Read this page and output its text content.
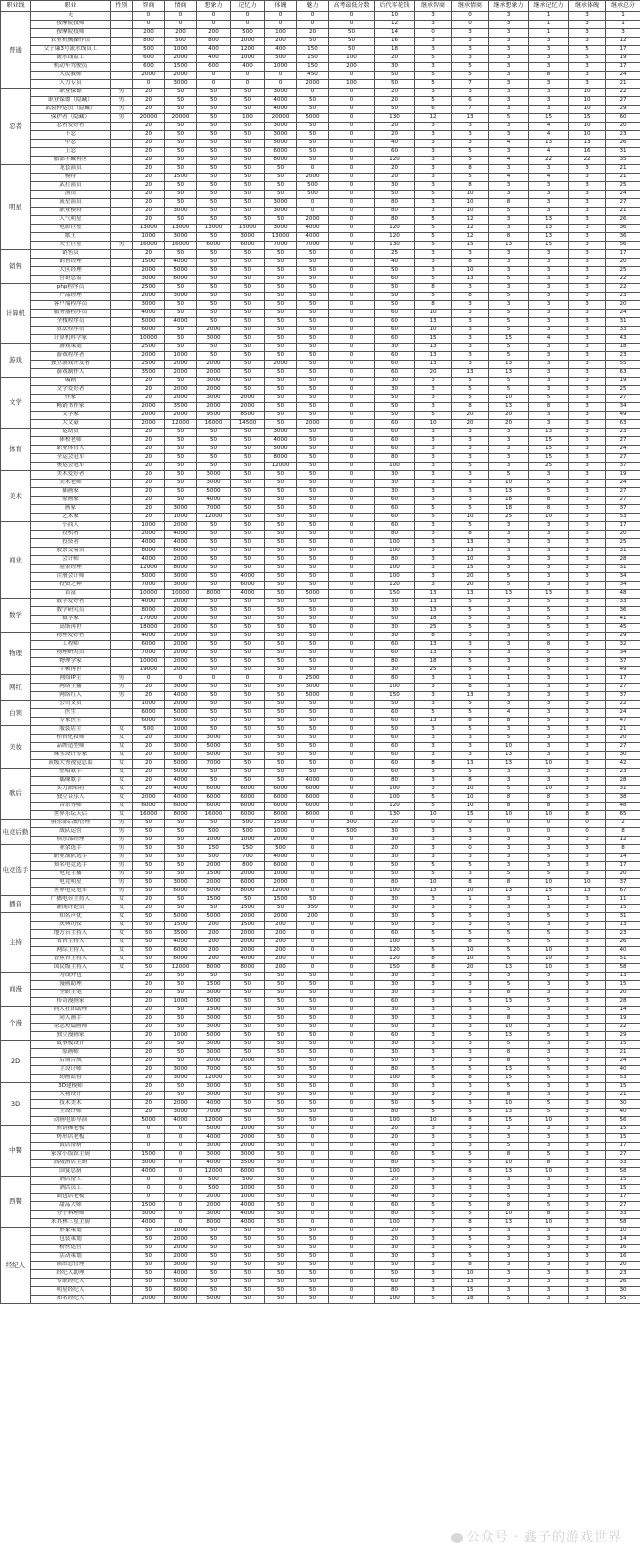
职业线	职业	性别	智商	情商	想象力	记忆力	体魄	魅力	高考最低分数	后代零花钱	继承智商	继承情商	继承想象力	继承记忆力	继承体魄	继承总分
普通	无		0	0	0	0	0	0	0	10	3	0	3	1	3	1
	按摩院技师		0	0	0	0	0	0	0	12	3	0	3	1	3	1
	按摩院技师		200	200	200	500	100	20	50	14	0	3	3	1	3	3
	农业机械操作员		800	500	800	1000	200	50	50	16	3	3	3	3	3	12
	父子廉3号流水线员工		500	1000	400	1200	400	150	50	18	3	3	3	3	5	17
	流水线监工		600	2000	400	1000	500	150	100	20	5	3	3	3	5	19
	机动车驾驶员		600	1500	600	400	1000	150	200	30	3	5	3	3	3	17
	人民教师		2000	2000	0	0	0	450	0	50	5	5	3	8	3	24
	人力专员		0	3000	0	0	0	2000	100	50	5	7	3	3	3	21
忍者	职业保镖	男	20	50	50	50	3000	0	0	20	3	3	3	3	10	22
	职业保镖（隐藏）	男	20	50	50	50	4000	50	0	20	5	6	3	3	10	27
	武装押运员（隐藏）	男	20	50	50	50	4000	50	0	50	6	7	3	3	10	29
	保护者（隐藏）	男	20000	20000	50	100	20000	5000	0	130	12	13	5	15	15	60
	忍者爱好者		20	50	50	50	3000	50	0	20	3	3	3	4	10	20
	下忍		20	50	50	50	3000	50	0	20	3	3	3	4	10	23
	中忍		20	50	50	50	5000	50	0	40	3	3	4	13	13	26
	上忍		20	50	50	50	6000	50	0	60	3	5	3	4	16	31
	服部半藏再世		20	50	50	50	8000	50	0	120	3	5	4	22	22	35
明星	龙套演员		20	50	50	50	50	0	0	20	3	8	3	3	3	21
	模特		20	1500	50	50	50	2000	0	20	3	5	4	4	3	21
	武打演员		20	50	50	50	50	500	0	30	3	8	3	3	3	25
	演员		20	50	50	50	50	500	0	50	5	10	3	3	3	24
	流星演员		20	50	50	50	3000	0	0	80	3	10	8	3	3	27
	职业模特		20	3000	50	50	3000	0	0	80	3	10	5	3	3	21
	人气明星		20	50	50	50	50	2000	0	80	5	12	3	13	3	26
	电影巨星		13000	13000	13000	13000	3000	4000	0	120	5	12	3	13	3	36
	歌王		1000	3000	50	3000	13000	4000	0	120	5	12	8	13	3	36
	天王巨星	男	16000	16000	6000	6000	7000	7000	0	130	5	15	13	15	3	56
销售	销售员		20	50	50	50	50	50	0	25	3	3	3	3	3	17
	销售经理		1500	4000	50	50	50	50	0	40	3	8	3	3	3	20
	大区经理		2000	5000	50	50	50	50	0	50	3	10	3	3	3	25
	营销总监		3000	6000	50	50	50	50	0	60	5	13	5	3	3	22
计算机	php程序员		2500	50	50	50	50	50	0	50	8	3	3	3	3	22
	产品经理		2000	3000	50	50	50	50	0	50	5	8	5	3	3	23
	客户端程序员		3000	50	50	50	50	50	0	50	8	3	3	3	3	20
	服务器程序员		4000	50	50	50	50	50	0	60	10	3	5	3	3	24
	全栈程序员		5000	4000	50	50	50	50	0	60	13	3	5	3	3	31
	算法程序员		6000	50	2000	50	50	50	0	60	10	3	5	3	3	33
	计算机科学家		10000	50	3000	50	50	50	0	60	15	3	15	4	3	43
游戏	游戏策划		2500	50	50	50	50	50	0	30	13	3	5	3	3	18
	游戏程序者		2000	1000	50	50	50	50	0	60	13	3	5	3	3	23
	独立游戏开发者		2500	2000	2000	50	2000	50	0	60	13	3	13	3	3	55
	游戏制作人		3500	2000	2000	50	50	50	0	60	20	13	13	3	3	63
文学	编剧		20	50	3000	50	50	50	0	30	3	5	5	3	3	19
	文学爱好者		20	2000	2000	50	50	50	0	30	3	5	5	3	3	25
	作家		20	2000	3000	2000	50	50	0	50	3	5	10	5	3	27
	畅销书作家		2000	3500	2000	2000	50	50	0	50	3	8	13	8	3	34
	文学家		2000	2000	9500	8500	50	50	0	50	5	20	20	3	3	49
	大文豪		2000	12000	16000	14500	50	2000	0	60	10	20	20	3	3	63
体育	运动员		20	50	50	50	3000	50	0	60	3	3	3	13	3	23
	体校老师		20	50	50	50	4000	50	0	60	3	3	3	15	3	27
	职业体育人		20	50	50	50	5000	50	0	60	3	3	3	15	3	24
	全运会冠军		20	50	50	50	8000	50	0	80	3	3	3	15	3	27
	奥运会冠军		20	50	50	50	12000	50	0	100	3	5	3	25	3	37
美术	美术爱好者		20	50	3000	50	50	50	0	30	3	3	5	3	3	19
	美术老师		20	50	3000	50	50	50	0	30	3	3	10	5	3	24
	插画家		20	50	5000	50	50	50	0	30	3	3	13	5	3	27
	原画家		20	50	4000	50	50	50	0	60	3	3	18	8	3	27
	画家		20	3000	7000	50	50	50	0	60	5	5	18	8	3	37
	艺术家		20	1000	12000	50	50	50	0	60	5	10	25	10	3	53
商业	小商人		1000	2000	50	50	50	50	0	60	3	5	3	3	3	17
	投机者		2000	4000	50	50	50	50	0	80	3	8	3	3	3	20
	投资者		4000	4000	50	50	50	50	0	100	3	13	3	3	3	25
	股票交易员		8000	6000	50	50	50	50	0	100	3	13	3	3	3	31
	会计师		4000	2000	50	50	50	50	0	80	3	10	3	3	3	28
	基金经理		12000	8000	50	50	50	50	0	100	3	15	3	3	3	31
	注册会计师		5000	3000	50	4000	50	50	0	100	3	20	5	3	3	34
	投资之神		7000	3000	50	6000	50	50	0	120	3	20	5	3	3	34
	首富		10000	10000	8000	4000	50	5000	0	150	13	13	13	13	3	48
数学	数学爱好者		4000	2000	50	50	50	50	0	30	13	5	3	5	3	33
	数学研究员		8000	2000	50	50	50	50	0	30	13	5	3	5	3	36
	数学家		17000	2000	50	50	50	50	0	50	18	5	3	5	3	41
	高斯再世		18000	2000	50	50	50	50	0	30	25	5	3	5	3	45
物理	物理爱好者		4000	2000	50	50	50	50	0	30	8	3	3	5	3	29
	工程师		6000	2000	50	50	50	50	0	60	13	3	3	8	3	32
	物理研究员		7000	2000	50	50	50	50	0	60	13	5	3	5	3	34
	物理学家		10000	2000	50	50	50	50	0	80	18	5	3	8	3	37
	牛顿再世		19000	2000	50	50	50	50	0	30	25	5	3	5	3	49
网红	网络IP主	男	0	0	0	0	0	2500	0	80	3	1	1	3	1	17
	网络主播	男	20	3000	50	50	50	3000	0	100	3	8	3	3	3	27
	网络红人	男	20	4000	50	50	50	5000	0	150	3	13	3	3	3	37
白领	公司文员		1000	2000	50	50	50	50	0	50	3	5	3	3	3	22
	医生		6000	5000	50	50	50	50	0	60	5	5	4	3	3	24
	专家医生		6000	5000	50	50	50	50	0	60	13	8	8	5	3	47
美妆	服装店主	女	500	1000	50	50	50	50	0	50	3	5	3	3	3	21
	柜台化妆师	女	20	3000	3000	50	50	50	0	60	3	3	5	3	3	20
	品牌造型师	女	20	3000	5000	50	50	50	0	60	3	3	10	3	3	27
	珠宝设计专家	女	20	5000	5000	50	50	50	0	60	3	3	13	3	3	30
	顶级大秀视觉总监	女	20	5000	7000	50	50	50	0	60	8	13	13	10	3	42
歌后	驻唱歌手	女	20	5000	50	50	50	50	0	60	3	5	3	3	3	23
	偶像歌手	女	20	4000	50	50	50	4000	0	80	3	8	3	3	3	28
	实力派唱将	女	20	4000	6000	6000	6000	6000	0	100	3	10	5	10	3	31
	独立音乐人	女	2000	4000	6000	6000	6000	6000	0	100	5	10	8	8	3	38
	音乐导师	女	6000	6000	6000	6000	6000	6000	0	120	5	10	8	8	3	48
	世界乐坛天后	女	16000	8000	16000	6000	8000	8000	0	130	10	15	10	10	8	65
电竞后勤	俱乐部后勤管理	男	50	50	50	500	1500	0	300	20	0	0	0	0	0	2
	战队运营	男	50	50	500	500	1000	0	500	30	3	3	0	0	0	8
	俱乐部经理	男	50	50	1000	1000	2000	0	0	30	3	3	3	3	3	12
电竞选手	业余选手	男	50	50	150	150	500	0	0	20	3	0	3	3	3	8
	职业战队选手	男	50	50	500	700	4000	0	0	30	3	3	3	5	3	14
	知名电竞选手	男	50	50	2000	800	6000	0	0	50	5	5	3	3	3	17
	电竞主播	男	50	50	1500	2000	1000	0	0	50	5	3	5	5	3	20
	电竞明星	男	50	3000	2000	6000	2000	0	0	80	10	8	8	10	10	37
	世界电竞冠军	男	50	6000	5000	8000	12000	0	0	100	13	10	13	15	13	67
播音	广播电台主持人	女	20	50	1500	50	1500	50	0	30	3	1	3	1	3	11
	新闻评论员	女	20	50	50	1500	50	350	0	30	3	3	3	3	3	15
主持	知名声优	女	50	5000	5000	2000	2000	200	0	30	5	5	3	5	3	31
	庆典司仪	女	50	1500	200	1500	200	0	0	50	3	3	5	3	3	13
	地方台主持人	女	50	3500	200	2000	200	0	0	60	5	5	5	5	3	23
	省台主持人	女	50	4000	200	2000	200	0	0	100	5	8	5	5	3	26
	网综主持人	女	50	6000	200	2000	200	0	0	120	5	10	5	10	3	40
	香蕉台主持人	女	50	6000	200	4000	200	0	0	120	8	10	5	10	3	51
	国民级主持人	女	50	12000	8000	8000	200	0	0	150	8	20	13	10	3	58
商漫	匀线外包		20	50	50	50	50	50	0	30	3	3	3	3	3	13
	漫画助理		20	50	1500	50	50	50	0	30	3	3	5	3	3	15
	全职主笔		20	50	3000	50	50	50	0	30	3	3	8	3	3	20
	传奇漫画家		20	1000	5000	50	50	50	0	60	3	5	13	5	3	28
个漫	同人社团助理		20	50	1500	50	50	50	0	30	3	3	5	3	3	14
	同人画手		20	50	3000	50	50	50	0	30	3	3	8	3	3	19
	杂志短篇画师		20	50	3000	50	50	50	0	50	3	3	10	3	3	22
	独立漫画家		20	1000	5000	50	50	50	0	60	3	5	13	5	3	29
2D	故事板设计		20	50	3000	50	50	50	0	30	3	3	5	3	3	15
	原画师		20	50	3000	50	50	50	0	30	3	3	8	3	3	21
	后期合成		20	50	2000	2000	50	50	0	50	3	3	8	5	3	24
	主设计师		20	3000	7000	50	50	50	0	80	5	5	13	5	3	40
	动画监督		20	3000	12000	50	50	50	0	100	8	8	15	5	3	53
3D	3D建模师		20	50	3000	50	50	50	0	30	3	3	5	3	3	15
	人物设计		20	50	3000	50	50	50	0	30	3	3	8	3	3	21
	技术美术		20	2000	4000	50	50	50	0	50	5	3	10	5	3	30
	主设计师		20	3000	7000	50	50	50	0	80	5	5	13	5	3	40
	动画电影导演		5000	4000	12000	50	50	50	0	100	10	8	15	10	3	56
中餐	煎饼摊老板		0	0	5000	1000	50	0	0	20	3	3	3	3	3	15
	烤串店老板		0	0	4000	2000	50	0	0	20	3	3	3	3	3	15
	饭店帮厨		0	0	3000	2000	50	0	0	40	3	3	5	3	3	17
	家常小饭馆主厨		1500	0	3000	3000	50	0	0	60	5	5	8	5	3	27
	高级酒店主厨		3000	0	4000	3500	50	0	0	80	5	5	10	8	3	33
	国宴总厨		4000	0	12000	6000	50	0	0	100	7	8	13	10	3	58
西餐	酒店帮工		0	0	500	500	50	0	0	20	3	3	3	3	3	15
	酒店员工		0	0	500	1000	50	0	0	20	3	3	3	3	3	15
	面包店老板		0	0	2000	1000	50	0	0	40	3	3	5	3	3	17
	甜品大师		1500	0	2000	4000	50	0	0	60	5	5	8	5	3	27
	分子料理师		3000	0	3000	4000	50	0	0	80	5	5	10	8	3	33
	米其林三星主厨		4000	0	8000	4000	50	0	0	100	7	8	13	10	3	58
经纪人	形象策划		50	1000	50	50	50	50	0	20	3	3	3	3	3	10
	包装策划		50	2000	50	50	50	50	0	20	3	5	3	3	3	14
	粉丝运营		50	2000	50	50	50	50	0	30	3	5	3	3	3	16
	活动策划		50	2000	50	50	50	50	0	30	3	5	3	3	3	16
	演出总管理		50	3000	50	50	50	50	0	50	3	8	3	3	3	20
	经纪人助理		50	4000	50	50	50	50	0	50	3	10	3	3	3	23
	专职经纪人		50	5000	50	50	50	50	0	60	3	13	3	3	3	26
	明星经纪人		50	6000	50	50	50	50	0	80	3	15	3	3	3	30
	知名经纪人		2000	8000	5000	50	50	50	0	100	5	18	5	3	3	55
公众号 · 鑫子的游戏世界
